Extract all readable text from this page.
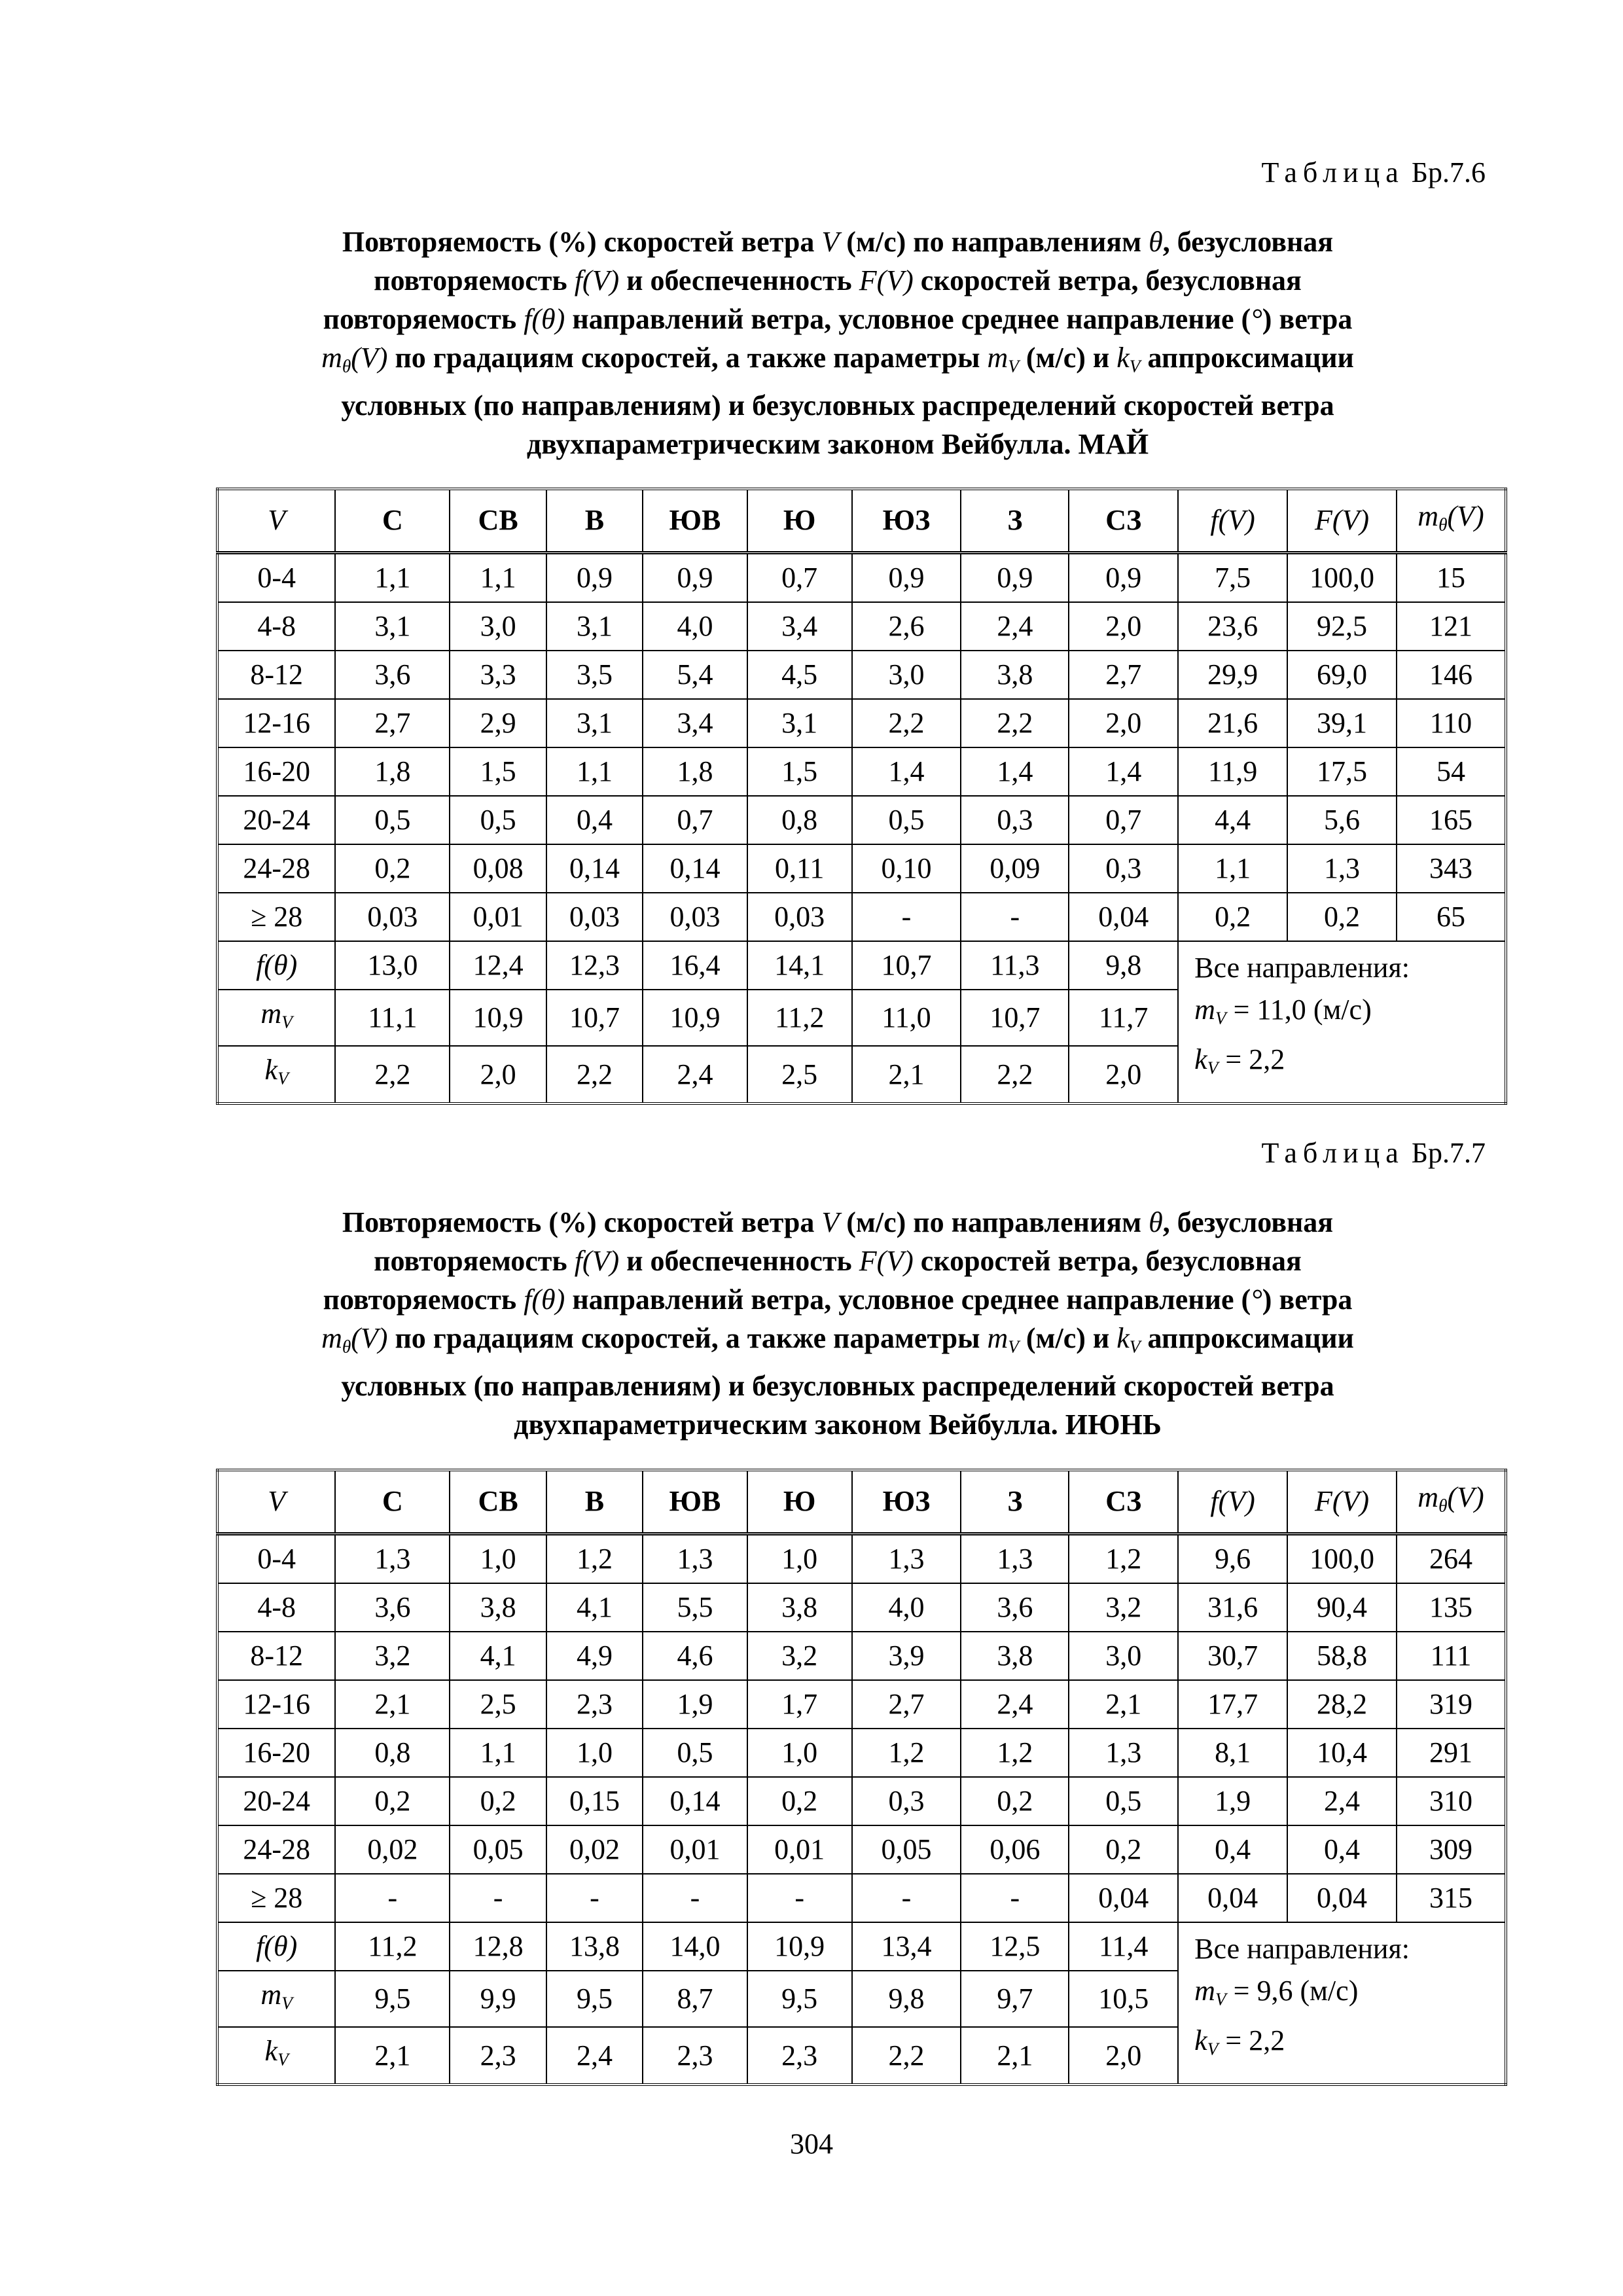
Таблица Бр.7.6
Повторяемость (%) скоростей ветра V (м/с) по направлениям θ, безусловная
повторяемость f(V) и обеспеченность F(V) скоростей ветра, безусловная
повторяемость f(θ) направлений ветра, условное среднее направление (°) ветра
$m_\theta(V)$ по градациям скоростей, а также параметры $m_V$ (м/с) и $k_V$ аппроксимации
условных (по направлениям) и безусловных распределений скоростей ветра
двухпараметрическим законом Вейбулла. МАЙ
V	С	СВ	В	ЮВ	Ю	ЮЗ	З	СЗ	f(V)	F(V)	$m_\theta(V)$
0-4	1,1	1,1	0,9	0,9	0,7	0,9	0,9	0,9	7,5	100,0	15
4-8	3,1	3,0	3,1	4,0	3,4	2,6	2,4	2,0	23,6	92,5	121
8-12	3,6	3,3	3,5	5,4	4,5	3,0	3,8	2,7	29,9	69,0	146
12-16	2,7	2,9	3,1	3,4	3,1	2,2	2,2	2,0	21,6	39,1	110
16-20	1,8	1,5	1,1	1,8	1,5	1,4	1,4	1,4	11,9	17,5	54
20-24	0,5	0,5	0,4	0,7	0,8	0,5	0,3	0,7	4,4	5,6	165
24-28	0,2	0,08	0,14	0,14	0,11	0,10	0,09	0,3	1,1	1,3	343
≥ 28	0,03	0,01	0,03	0,03	0,03	-	-	0,04	0,2	0,2	65
f(θ)	13,0	12,4	12,3	16,4	14,1	10,7	11,3	9,8	Все направления:
$m_V = 11,0$ (м/с)
$k_V = 2,2$		

$m_V$	11,1	10,9	10,7	10,9	11,2	11,0	10,7	11,7			
$k_V$	2,2	2,0	2,2	2,4	2,5	2,1	2,2	2,0			
Таблица Бр.7.7
Повторяемость (%) скоростей ветра V (м/с) по направлениям θ, безусловная
повторяемость f(V) и обеспеченность F(V) скоростей ветра, безусловная
повторяемость f(θ) направлений ветра, условное среднее направление (°) ветра
$m_\theta(V)$ по градациям скоростей, а также параметры $m_V$ (м/с) и $k_V$ аппроксимации
условных (по направлениям) и безусловных распределений скоростей ветра
двухпараметрическим законом Вейбулла. ИЮНЬ
V	С	СВ	В	ЮВ	Ю	ЮЗ	З	СЗ	f(V)	F(V)	$m_\theta(V)$
0-4	1,3	1,0	1,2	1,3	1,0	1,3	1,3	1,2	9,6	100,0	264
4-8	3,6	3,8	4,1	5,5	3,8	4,0	3,6	3,2	31,6	90,4	135
8-12	3,2	4,1	4,9	4,6	3,2	3,9	3,8	3,0	30,7	58,8	111
12-16	2,1	2,5	2,3	1,9	1,7	2,7	2,4	2,1	17,7	28,2	319
16-20	0,8	1,1	1,0	0,5	1,0	1,2	1,2	1,3	8,1	10,4	291
20-24	0,2	0,2	0,15	0,14	0,2	0,3	0,2	0,5	1,9	2,4	310
24-28	0,02	0,05	0,02	0,01	0,01	0,05	0,06	0,2	0,4	0,4	309
≥ 28	-	-	-	-	-	-	-	0,04	0,04	0,04	315
f(θ)	11,2	12,8	13,8	14,0	10,9	13,4	12,5	11,4	Все направления:
$m_V = 9,6$ (м/с)
$k_V = 2,2$		

$m_V$	9,5	9,9	9,5	8,7	9,5	9,8	9,7	10,5			
$k_V$	2,1	2,3	2,4	2,3	2,3	2,2	2,1	2,0			
304
